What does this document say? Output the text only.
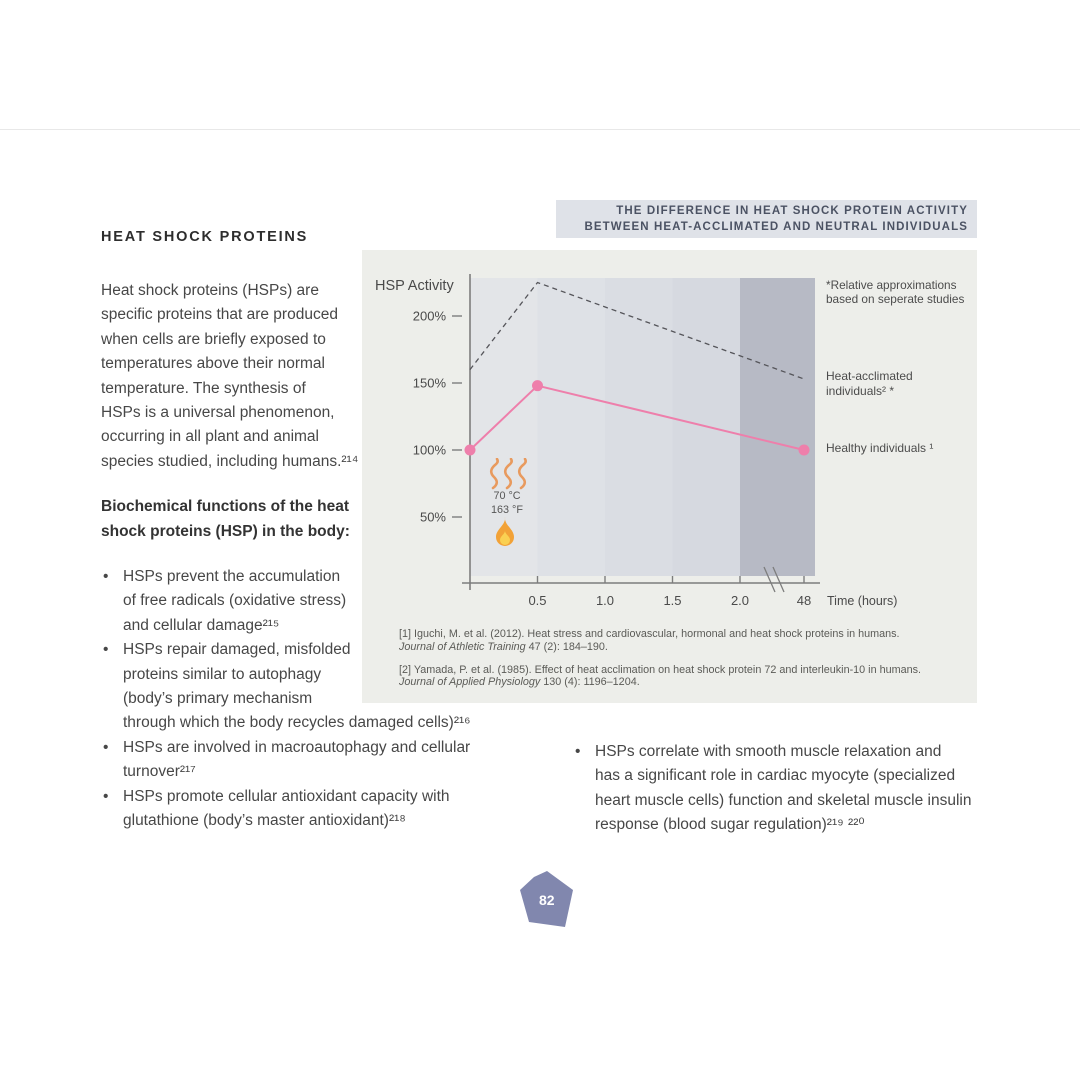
HEAT SHOCK PROTEINS
Heat shock proteins (HSPs) are
specific proteins that are produced
when cells are briefly exposed to
temperatures above their normal
temperature. The synthesis of
HSPs is a universal phenomenon,
occurring in all plant and animal
species studied, including humans.²¹⁴
Biochemical functions of the heat
shock proteins (HSP) in the body:
• HSPs prevent the accumulation
of free radicals (oxidative stress)
and cellular damage²¹⁵
• HSPs repair damaged, misfolded
proteins similar to autophagy
(body’s primary mechanism
through which the body recycles damaged cells)²¹⁶
• HSPs are involved in macroautophagy and cellular
turnover²¹⁷
• HSPs promote cellular antioxidant capacity with
glutathione (body’s master antioxidant)²¹⁸
• HSPs correlate with smooth muscle relaxation and
has a significant role in cardiac myocyte (specialized
heart muscle cells) function and skeletal muscle insulin
response (blood sugar regulation)²¹⁹ ²²⁰
THE DIFFERENCE IN HEAT SHOCK PROTEIN ACTIVITY
BETWEEN HEAT-ACCLIMATED AND NEUTRAL INDIVIDUALS
50%
100%
150%
200%
0.5	1.0	1.5	2.0	48
HSP Activity
Time (hours)
*Relative approximations
based on seperate studies
Heat-acclimated
individuals² *
Healthy individuals ¹
70 °C
163 °F
[1] Iguchi, M. et al. (2012). Heat stress and cardiovascular, hormonal and heat shock proteins in humans.
Journal of Athletic Training 47 (2): 184–190.
[2] Yamada, P. et al. (1985). Effect of heat acclimation on heat shock protein 72 and interleukin-10 in humans.
Journal of Applied Physiology 130 (4): 1196–1204.
82
